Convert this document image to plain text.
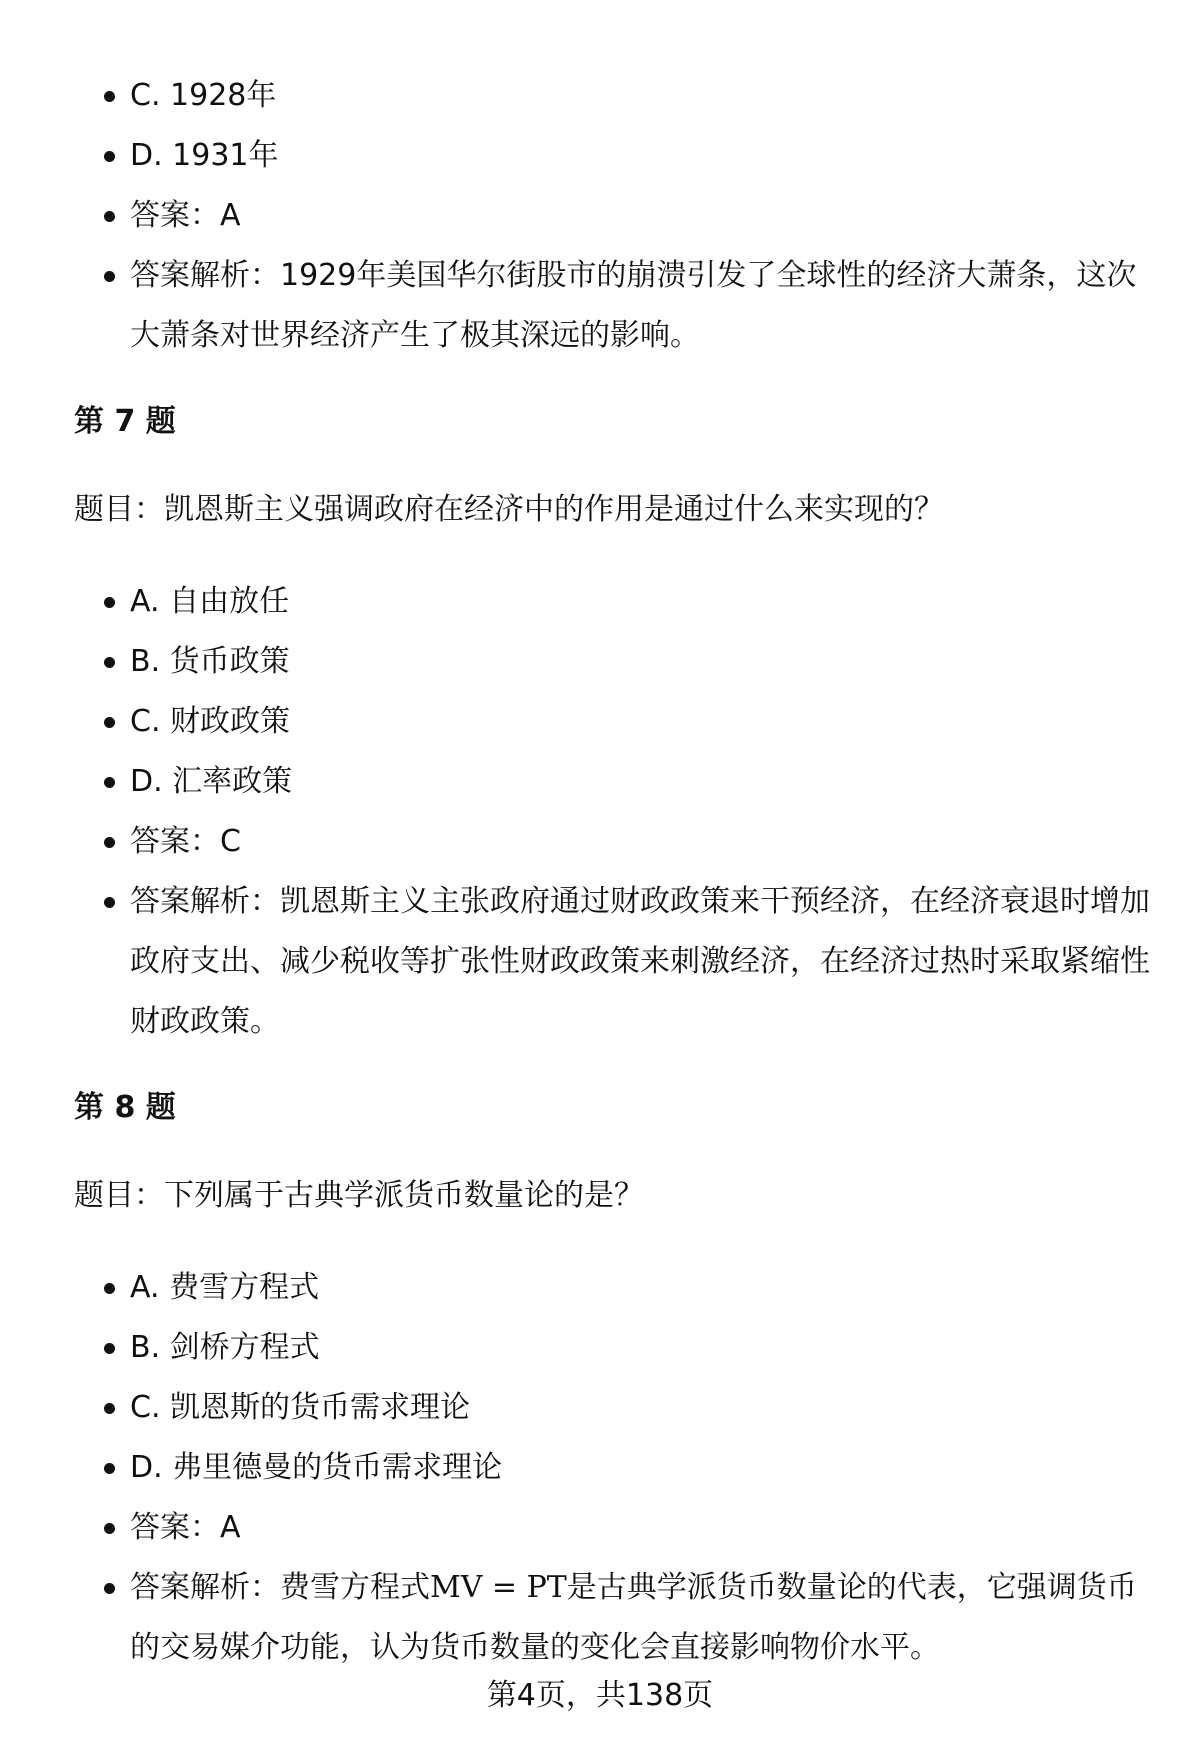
C. 1928年
D. 1931年
答案：A
答案解析：1929年美国华尔街股市的崩溃引发了全球性的经济大萧条，这次大萧条对世界经济产生了极其深远的影响。

第 7 题

题目：凯恩斯主义强调政府在经济中的作用是通过什么来实现的？

A. 自由放任
B. 货币政策
C. 财政政策
D. 汇率政策
答案：C
答案解析：凯恩斯主义主张政府通过财政政策来干预经济，在经济衰退时增加政府支出、减少税收等扩张性财政政策来刺激经济，在经济过热时采取紧缩性财政政策。

第 8 题

题目：下列属于古典学派货币数量论的是？

A. 费雪方程式
B. 剑桥方程式
C. 凯恩斯的货币需求理论
D. 弗里德曼的货币需求理论
答案：A
答案解析：费雪方程式MV = PT是古典学派货币数量论的代表，它强调货币的交易媒介功能，认为货币数量的变化会直接影响物价水平。
第4页，共138页
